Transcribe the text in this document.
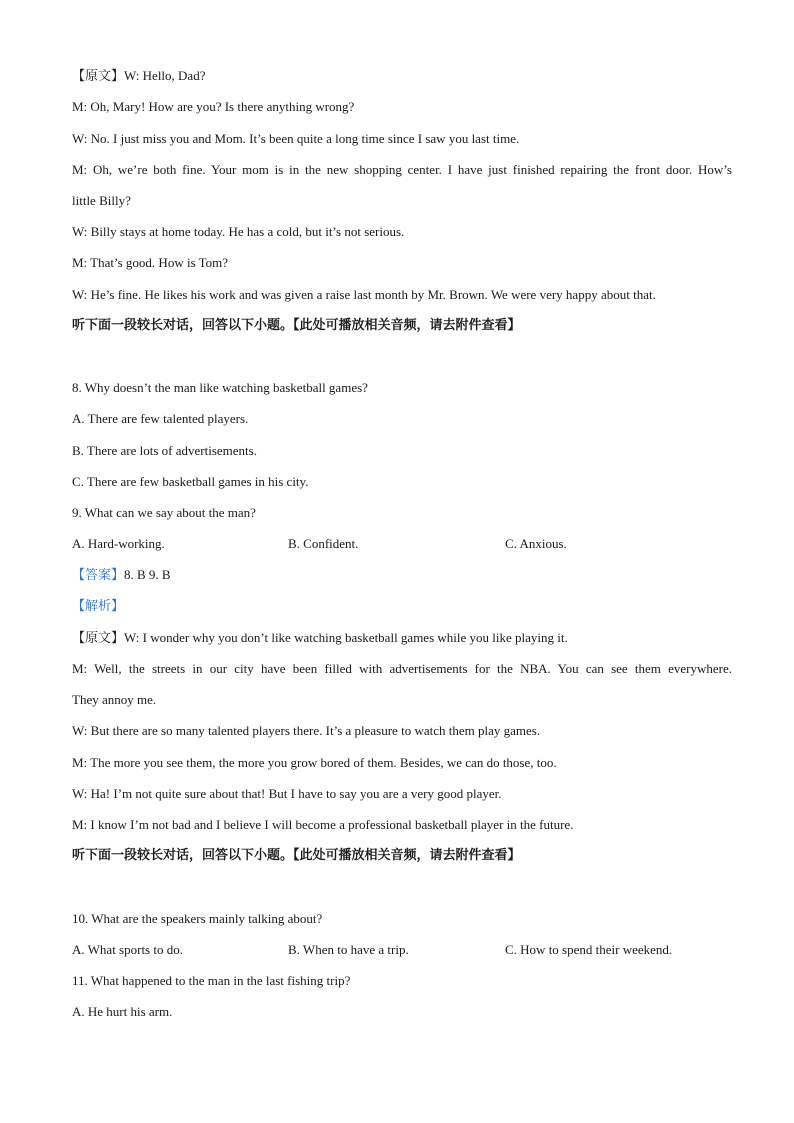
【原文】W: Hello, Dad?
M: Oh, Mary! How are you? Is there anything wrong?
W: No. I just miss you and Mom. It’s been quite a long time since I saw you last time.
M: Oh, we’re both fine. Your mom is in the new shopping center. I have just finished repairing the front door. How’s
little Billy?
W: Billy stays at home today. He has a cold, but it’s not serious.
M: That’s good. How is Tom?
W: He’s fine. He likes his work and was given a raise last month by Mr. Brown. We were very happy about that.
听下面一段较长对话，回答以下小题。【此处可播放相关音频，请去附件查看】
8. Why doesn’t the man like watching basketball games?
A. There are few talented players.
B. There are lots of advertisements.
C. There are few basketball games in his city.
9. What can we say about the man?
A. Hard-working.	B. Confident.	C. Anxious.
【答案】8. B 9. B
【解析】
【原文】W: I wonder why you don’t like watching basketball games while you like playing it.
M: Well, the streets in our city have been filled with advertisements for the NBA. You can see them everywhere.
They annoy me.
W: But there are so many talented players there. It’s a pleasure to watch them play games.
M: The more you see them, the more you grow bored of them. Besides, we can do those, too.
W: Ha! I’m not quite sure about that! But I have to say you are a very good player.
M: I know I’m not bad and I believe I will become a professional basketball player in the future.
听下面一段较长对话，回答以下小题。【此处可播放相关音频，请去附件查看】
10. What are the speakers mainly talking about?
A. What sports to do.	B. When to have a trip.	C. How to spend their weekend.
11. What happened to the man in the last fishing trip?
A. He hurt his arm.
